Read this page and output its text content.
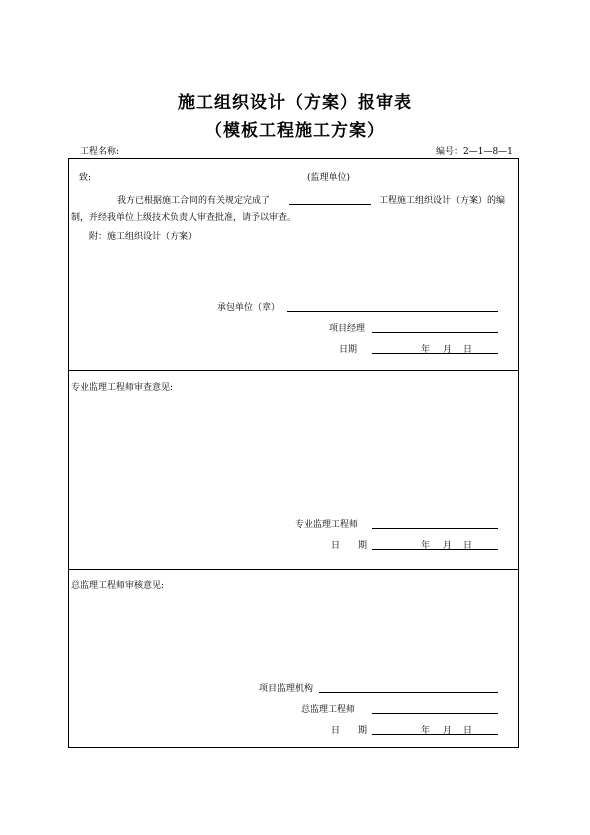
施工组织设计（方案）报审表
（模板工程施工方案）
工程名称:	编号：2—1—8—1
致:	(监理单位)
我方已根据施工合同的有关规定完成了	工程施工组织设计（方案）的编
制，并经我单位上级技术负责人审查批准，请予以审查。
附：施工组织设计（方案）
承包单位（章）
项目经理
日期	年 月 日
专业监理工程师审查意见:
专业监理工程师
日　　期	年 月 日
总监理工程师审核意见:
项目监理机构
总监理工程师
日　　期	年 月 日
